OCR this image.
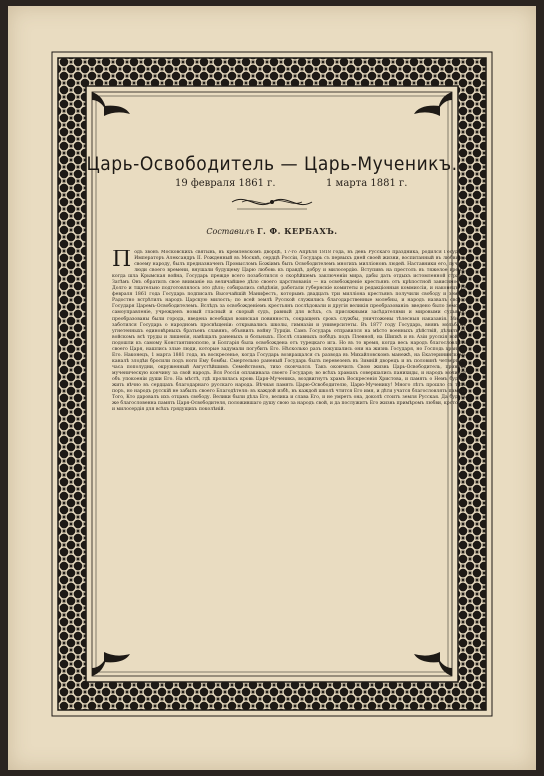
Царь-Освободитель — Царь-Мученикъ.
19 февраля 1861 г.	1 марта 1881 г.
Составилъ Г. Ф. КЕРБАХЪ.
П одъ звонъ Московскихъ святынь, въ кремлевскомъ дворцѣ, 17-го Апрѣля 1818 года, въ день Русскаго праздника, родился Государь Императоръ Александръ II. Рожденный въ Москвѣ, сердцѣ Россіи, Государь съ первыхъ дней своей жизни, воспитанный въ любви къ своему народу, былъ предназначенъ Промысломъ Божіимъ быть Освободителемъ многихъ милліоновъ людей. Наставники его, лучшіе люди своего времени, внушали будущему Царю любовь къ правдѣ, добру и милосердію. Вступивъ на престолъ въ тяжелое время, когда шла Крымская война, Государь прежде всего позаботился о скорѣйшемъ заключеніи мира, дабы дать отдыхъ истомленной странѣ. Затѣмъ Онъ обратилъ свое вниманіе на величайшее дѣло своего царствованія — на освобожденіе крестьянъ отъ крѣпостной зависимости. Долго и тщательно подготовлялось это дѣло; собирались свѣдѣнія, работали губернскіе комитеты и редакціонныя коммиссіи, и наконецъ 19 февраля 1861 года Государь подписалъ Высочайшій Манифестъ, которымъ двадцать три милліона крестьянъ получили свободу и землю. Радостно встрѣтилъ народъ Царскую милость; по всей землѣ Русской служились благодарственные молебны, и народъ назвалъ своего Государя Царемъ-Освободителемъ. Вслѣдъ за освобожденіемъ крестьянъ послѣдовали и другія великія преобразованія: введено было земское самоуправленіе, учрежденъ новый гласный и скорый судъ, равный для всѣхъ, съ присяжными засѣдателями и мировыми судьями; преобразованы были города, введена всеобщая воинская повинность, сокращенъ срокъ службы, уничтожены тѣлесныя наказанія. Много заботился Государь о народномъ просвѣщеніи: открывались школы, гимназіи и университеты. Въ 1877 году Государь, внявъ мольбамъ угнетенныхъ единовѣрныхъ братьевъ славянъ, объявилъ войну Турціи. Самъ Государь отправился на мѣсто военныхъ дѣйствій, дѣлилъ съ войскомъ всѣ труды и лишенія, навѣщалъ раненыхъ и больныхъ. Послѣ славныхъ побѣдъ подъ Плевной, на Шипкѣ и въ Азіи русскія войска подошли къ самому Константинополю, и Болгарія была освобождена отъ турецкаго ига. Но въ то время, когда весь народъ благословлялъ своего Царя, нашлись злые люди, которые задумали погубить Его. Нѣсколько разъ покушались они на жизнь Государя, но Господь хранилъ Его. Наконецъ, 1 марта 1881 года, въ воскресенье, когда Государь возвращался съ развода въ Михайловскомъ манежѣ, на Екатерининскомъ каналѣ злодѣи бросили подъ ноги Ему бомбы. Смертельно раненый Государь былъ перевезенъ въ Зимній дворецъ и въ половинѣ четвертаго часа пополудни, окруженный Августѣйшимъ Семействомъ, тихо скончался. Такъ окончилъ Свою жизнь Царь-Освободитель, принявъ мученическую кончину за свой народъ. Вся Россія оплакивала своего Государя; во всѣхъ храмахъ совершались панихиды, и народъ молился объ упокоеніи души Его. На мѣстѣ, гдѣ пролилась кровь Царя-Мученика, воздвигнутъ храмъ Воскресенія Христова, и память о Немъ будетъ жить вѣчно въ сердцахъ благодарнаго русскаго народа. Вѣчная память Царю-Освободителю, Царю-Мученику! Много лѣтъ прошло съ тѣхъ поръ, но народъ русскій не забылъ своего Благодѣтеля: въ каждой избѣ, въ каждой школѣ чтится Его имя, и дѣти учатся благословлять память Того, Кто даровалъ ихъ отцамъ свободу. Велики были дѣла Его, велика и слава Его, и не умретъ она, доколѣ стоитъ земля Русская. Да будетъ же благословенна память Царя-Освободителя, положившаго душу свою за народъ свой, и да послужитъ Его жизнь примѣромъ любви, кротости и милосердія для всѣхъ грядущихъ поколѣній.
